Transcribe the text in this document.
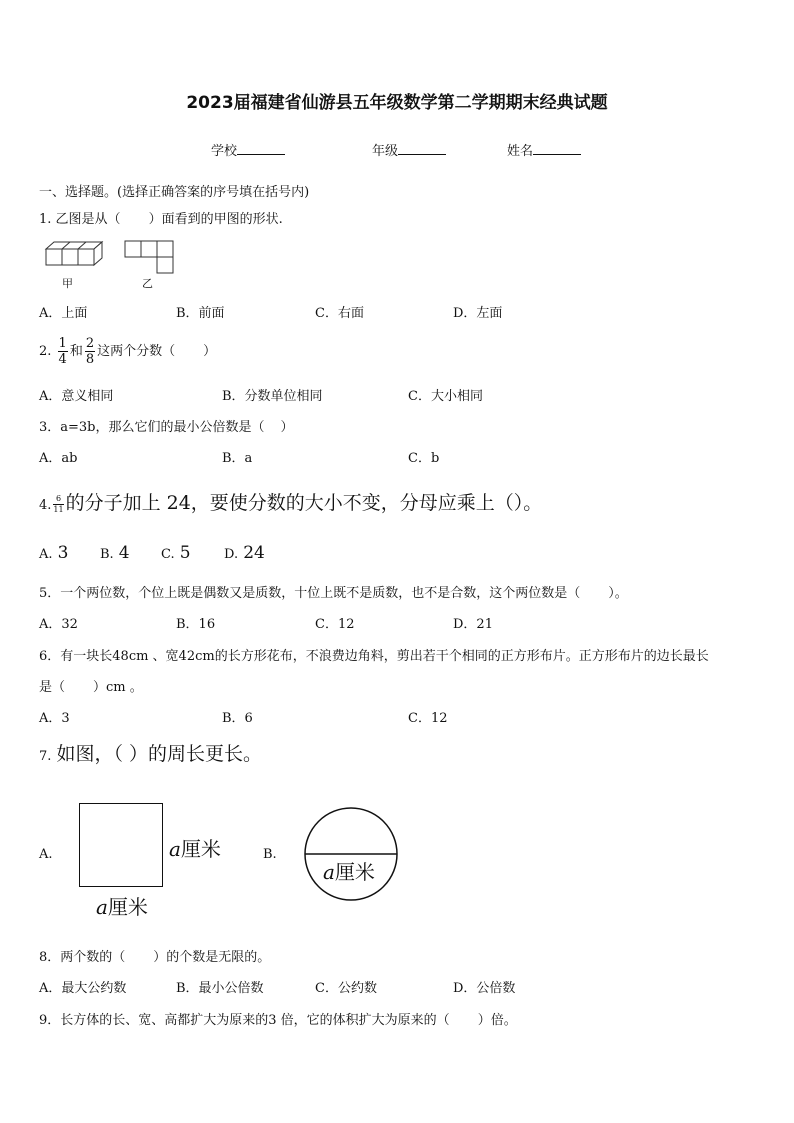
2023届福建省仙游县五年级数学第二学期期末经典试题
学校	年级	姓名
一、选择题。(选择正确答案的序号填在括号内)
1. 乙图是从（ ）面看到的甲图的形状.
甲	乙
A．上面	B．前面	C．右面	D．左面
2. $\frac{1}{4}$ 和 $\frac{2}{8}$ 这两个分数（ ）
A．意义相同	B．分数单位相同	C．大小相同
3．a=3b，那么它们的最小公倍数是（ ）
A．ab	B．a	C．b
4. $\frac{6}{11}$ 的分子加上 24，要使分数的大小不变，分母应乘上（）。
A. 3 B. 4 C. 5	D. 24
5．一个两位数，个位上既是偶数又是质数，十位上既不是质数，也不是合数，这个两位数是（ ）。
A．32	B．16	C．12	D．21
6．有一块长48cm 、宽42cm的长方形花布，不浪费边角料，剪出若干个相同的正方形布片。正方形布片的边长最长
是（ ）cm 。
A．3	B．6	C．12
7. 如图，（ ）的周长更长。
A.	a厘米
a厘米
B.
a厘米
8．两个数的（ ）的个数是无限的。
A．最大公约数	B．最小公倍数	C．公约数	D．公倍数
9．长方体的长、宽、高都扩大为原来的3 倍，它的体积扩大为原来的（ ）倍。
